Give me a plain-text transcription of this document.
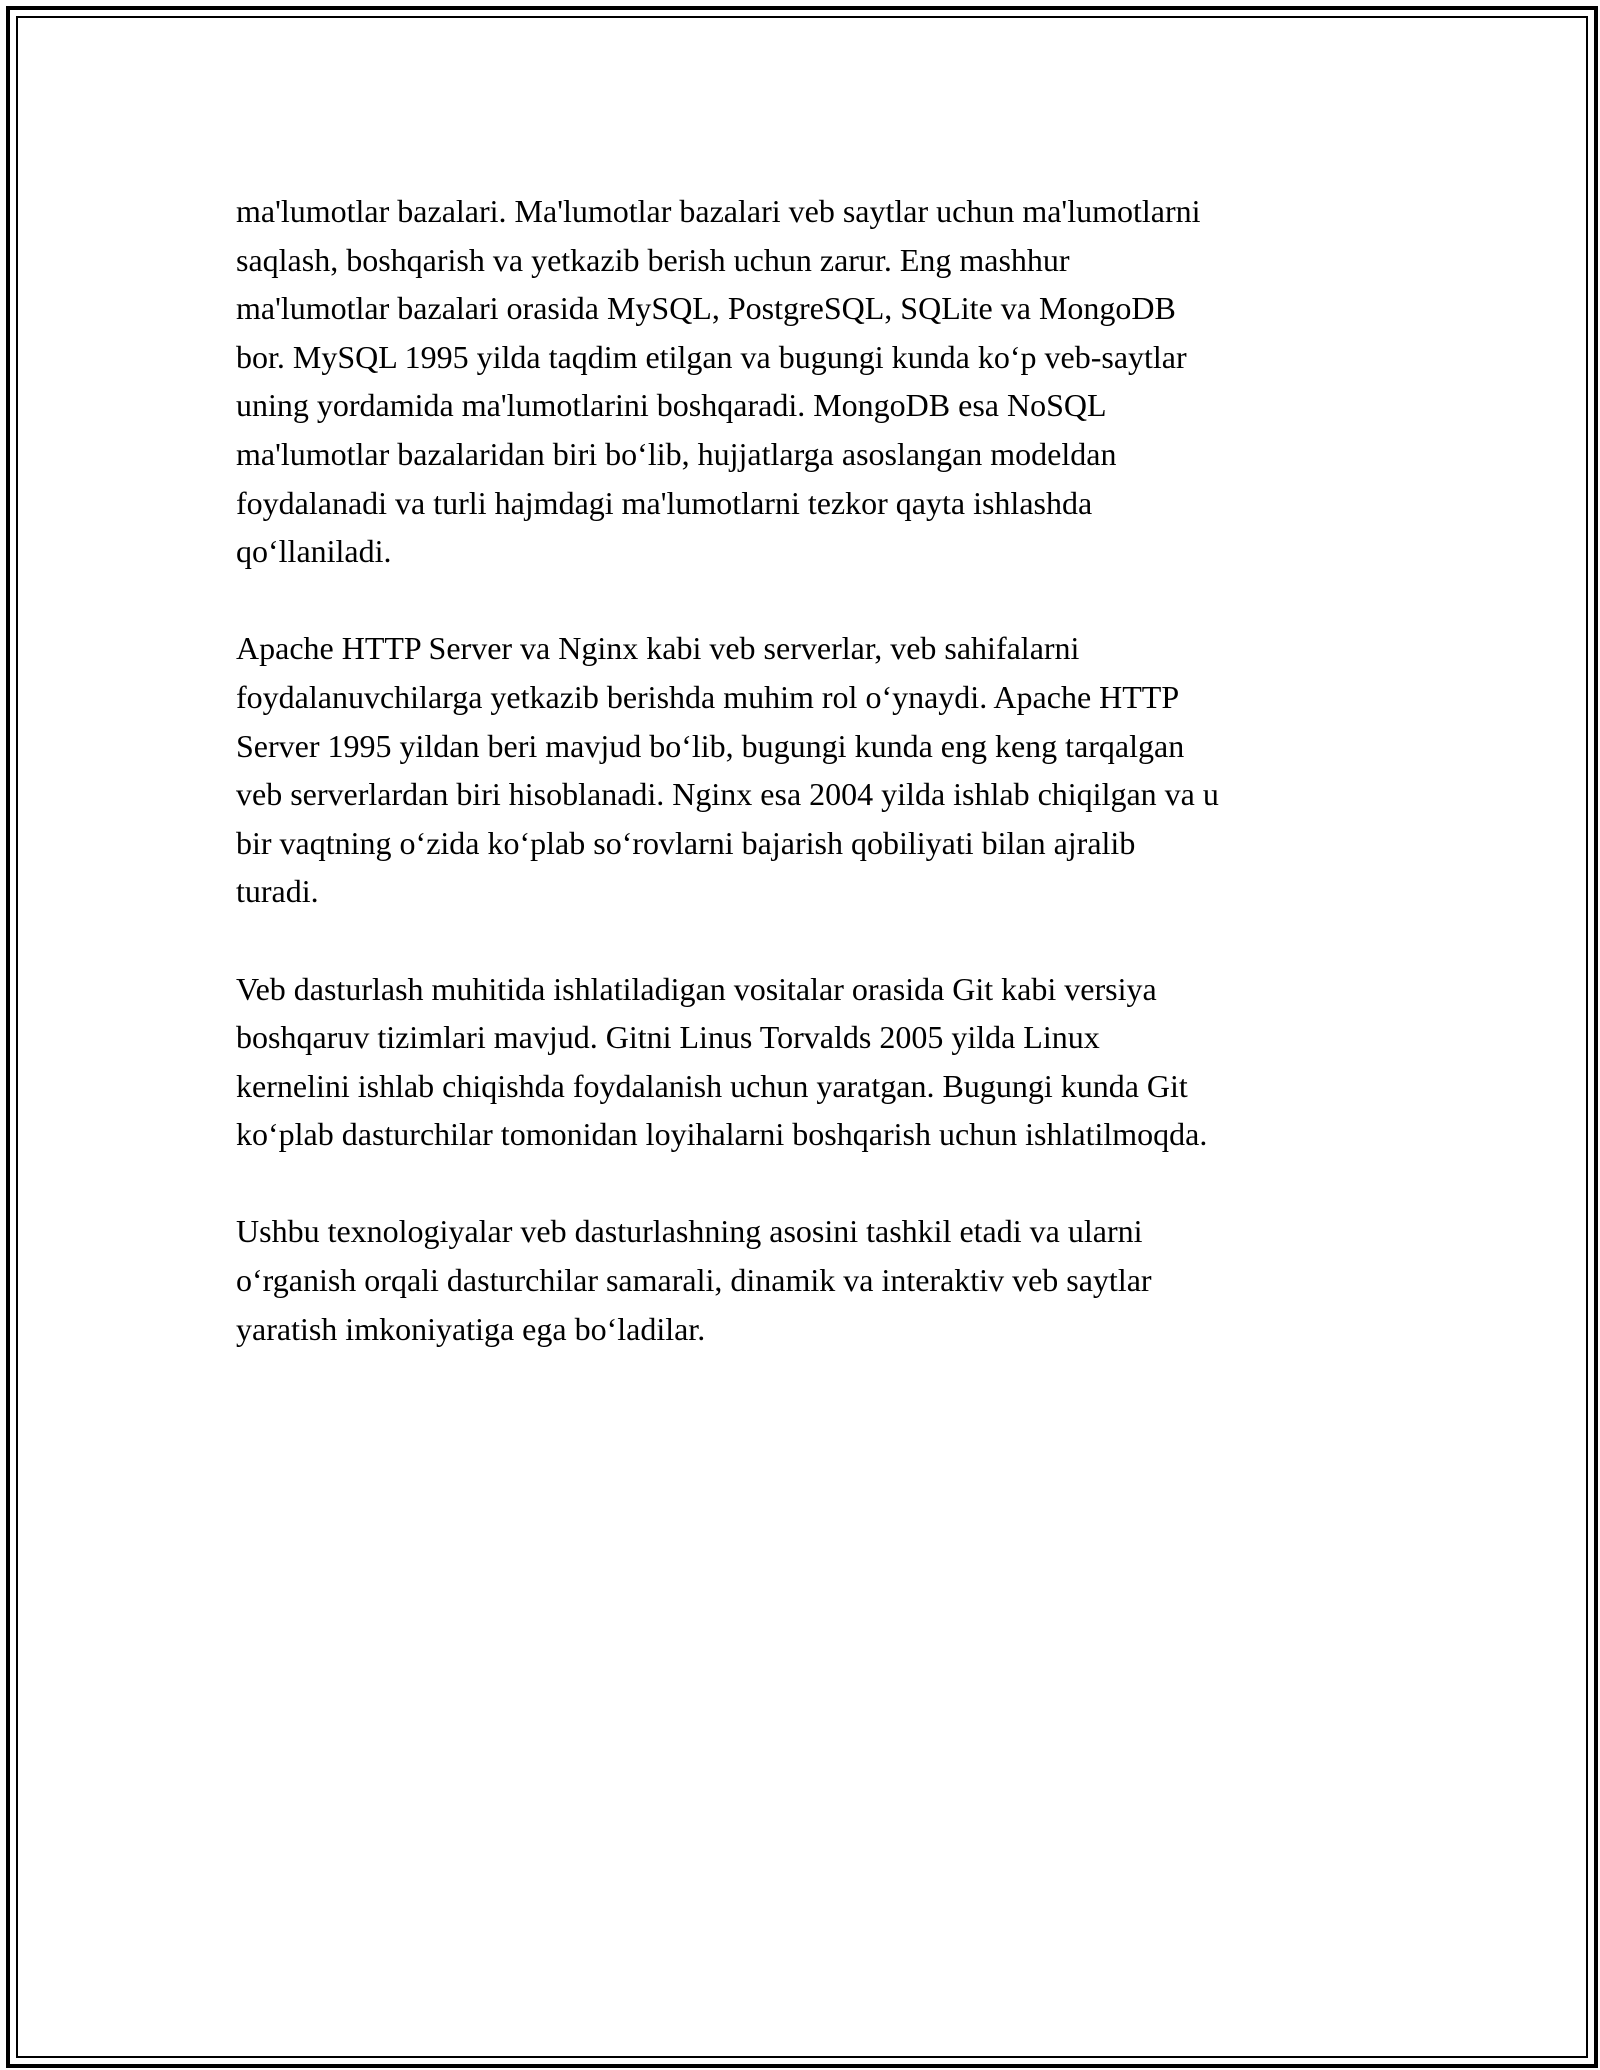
ma'lumotlar bazalari. Ma'lumotlar bazalari veb saytlar uchun ma'lumotlarni
saqlash, boshqarish va yetkazib berish uchun zarur. Eng mashhur
ma'lumotlar bazalari orasida MySQL, PostgreSQL, SQLite va MongoDB
bor. MySQL 1995 yilda taqdim etilgan va bugungi kunda koʻp veb-saytlar
uning yordamida ma'lumotlarini boshqaradi. MongoDB esa NoSQL
ma'lumotlar bazalaridan biri boʻlib, hujjatlarga asoslangan modeldan
foydalanadi va turli hajmdagi ma'lumotlarni tezkor qayta ishlashda
qoʻllaniladi.

Apache HTTP Server va Nginx kabi veb serverlar, veb sahifalarni
foydalanuvchilarga yetkazib berishda muhim rol oʻynaydi. Apache HTTP
Server 1995 yildan beri mavjud boʻlib, bugungi kunda eng keng tarqalgan
veb serverlardan biri hisoblanadi. Nginx esa 2004 yilda ishlab chiqilgan va u
bir vaqtning oʻzida koʻplab soʻrovlarni bajarish qobiliyati bilan ajralib
turadi.

Veb dasturlash muhitida ishlatiladigan vositalar orasida Git kabi versiya
boshqaruv tizimlari mavjud. Gitni Linus Torvalds 2005 yilda Linux
kernelini ishlab chiqishda foydalanish uchun yaratgan. Bugungi kunda Git
koʻplab dasturchilar tomonidan loyihalarni boshqarish uchun ishlatilmoqda.

Ushbu texnologiyalar veb dasturlashning asosini tashkil etadi va ularni
oʻrganish orqali dasturchilar samarali, dinamik va interaktiv veb saytlar
yaratish imkoniyatiga ega boʻladilar.
